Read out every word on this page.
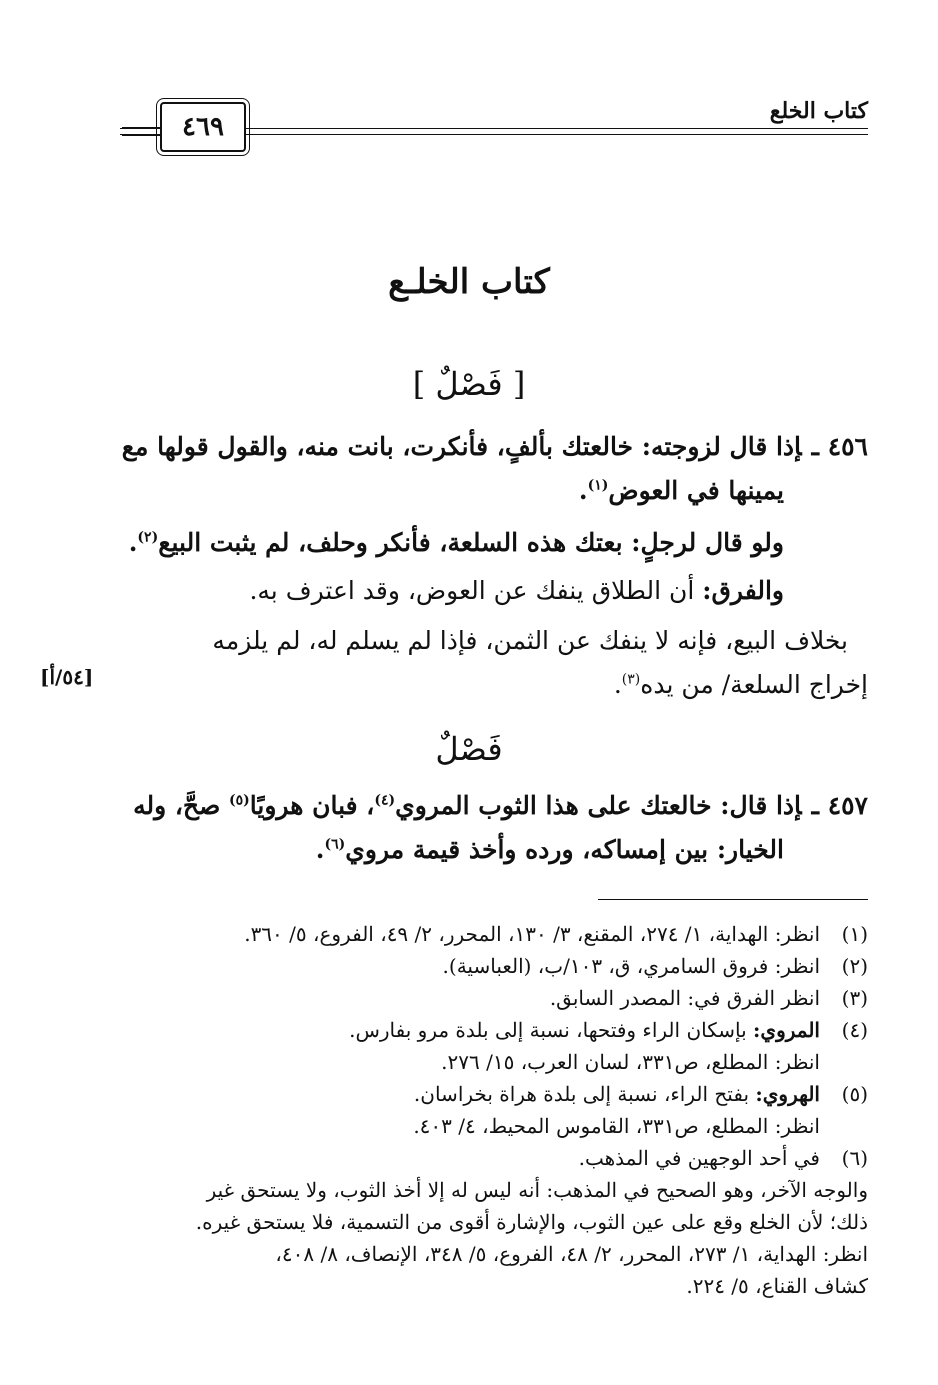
كتاب الخلع
٤٦٩
كتاب الخلـع
[ فَصْلٌ ]
٤٥٦ ـإذا قال لزوجته: خالعتك بألفٍ، فأنكرت، بانت منه، والقول قولها مع
يمينها في العوض$^{(١)}$.
ولو قال لرجلٍ: بعتك هذه السلعة، فأنكر وحلف، لم يثبت البيع$^{(٢)}$.
والفرق: أن الطلاق ينفك عن العوض، وقد اعترف به.
بخلاف البيع، فإنه لا ينفك عن الثمن، فإذا لم يسلم له، لم يلزمه
إخراج السلعة/ من يده$^{(٣)}$.
[٥٤/أ]
فَصْلٌ
٤٥٧ ـإذا قال: خالعتك على هذا الثوب المروي$^{(٤)}$، فبان هرويًا$^{(٥)}$ صحَّ، وله
الخيار: بين إمساكه، ورده وأخذ قيمة مروي$^{(٦)}$.
(١)انظر: الهداية، ١/ ٢٧٤، المقنع، ٣/ ١٣٠، المحرر، ٢/ ٤٩، الفروع، ٥/ ٣٦٠.
(٢)انظر: فروق السامري، ق، ١٠٣/ب، (العباسية).
(٣)انظر الفرق في: المصدر السابق.
(٤)المروي: بإسكان الراء وفتحها، نسبة إلى بلدة مرو بفارس.
انظر: المطلع، ص٣٣١، لسان العرب، ١٥/ ٢٧٦.
(٥)الهروي: بفتح الراء، نسبة إلى بلدة هراة بخراسان.
انظر: المطلع، ص٣٣١، القاموس المحيط، ٤/ ٤٠٣.
(٦)في أحد الوجهين في المذهب.
والوجه الآخر، وهو الصحيح في المذهب: أنه ليس له إلا أخذ الثوب، ولا يستحق غير
ذلك؛ لأن الخلع وقع على عين الثوب، والإشارة أقوى من التسمية، فلا يستحق غيره.
انظر: الهداية، ١/ ٢٧٣، المحرر، ٢/ ٤٨، الفروع، ٥/ ٣٤٨، الإنصاف، ٨/ ٤٠٨،
كشاف القناع، ٥/ ٢٢٤.
